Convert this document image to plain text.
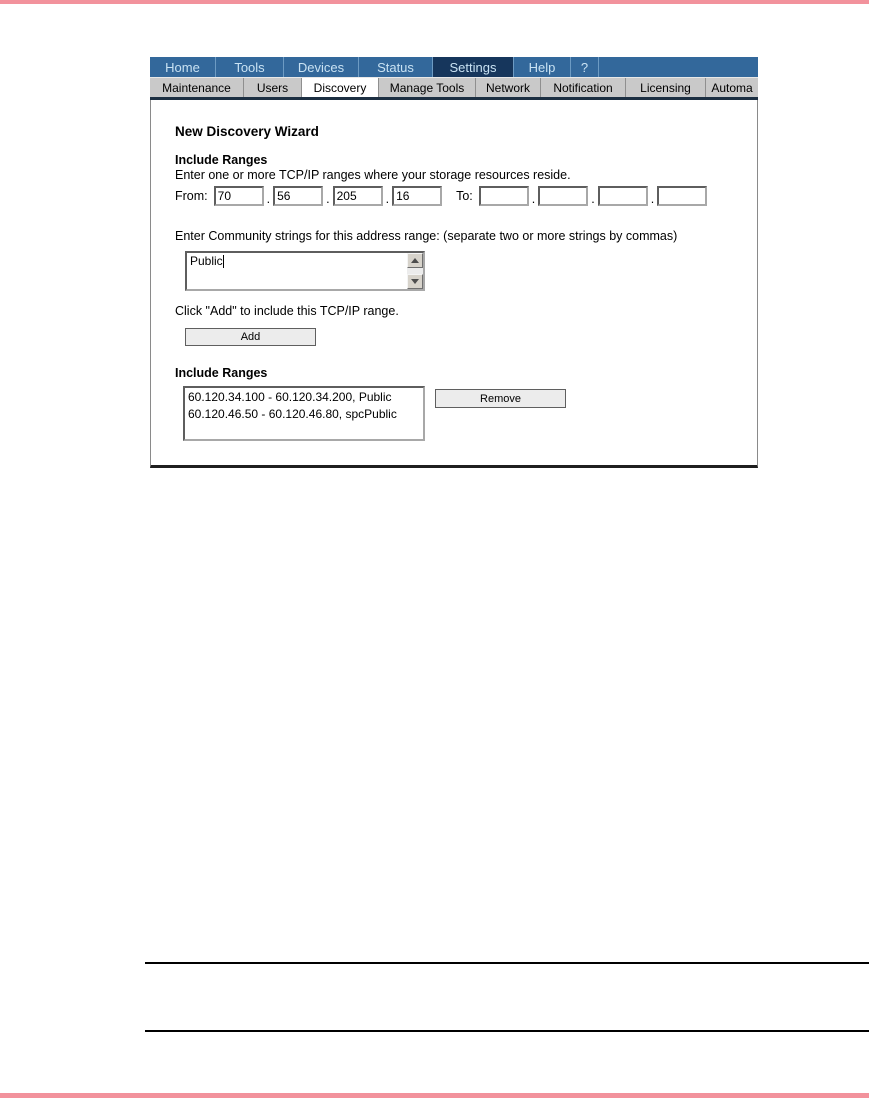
Home	Tools	Devices	Status	Settings	Help	?
Maintenance	Users	Discovery	Manage Tools	Network	Notification	Licensing	Automa
New Discovery Wizard
Include Ranges
Enter one or more TCP/IP ranges where your storage resources reside.
From:
70	.
56	.
205	.
16	To:	.	.	.
Enter Community strings for this address range: (separate two or more strings by commas)
Public
Click "Add" to include this TCP/IP range.
Add
Include Ranges
60.120.34.100 - 60.120.34.200, Public
60.120.46.50 - 60.120.46.80, spcPublic
Remove
